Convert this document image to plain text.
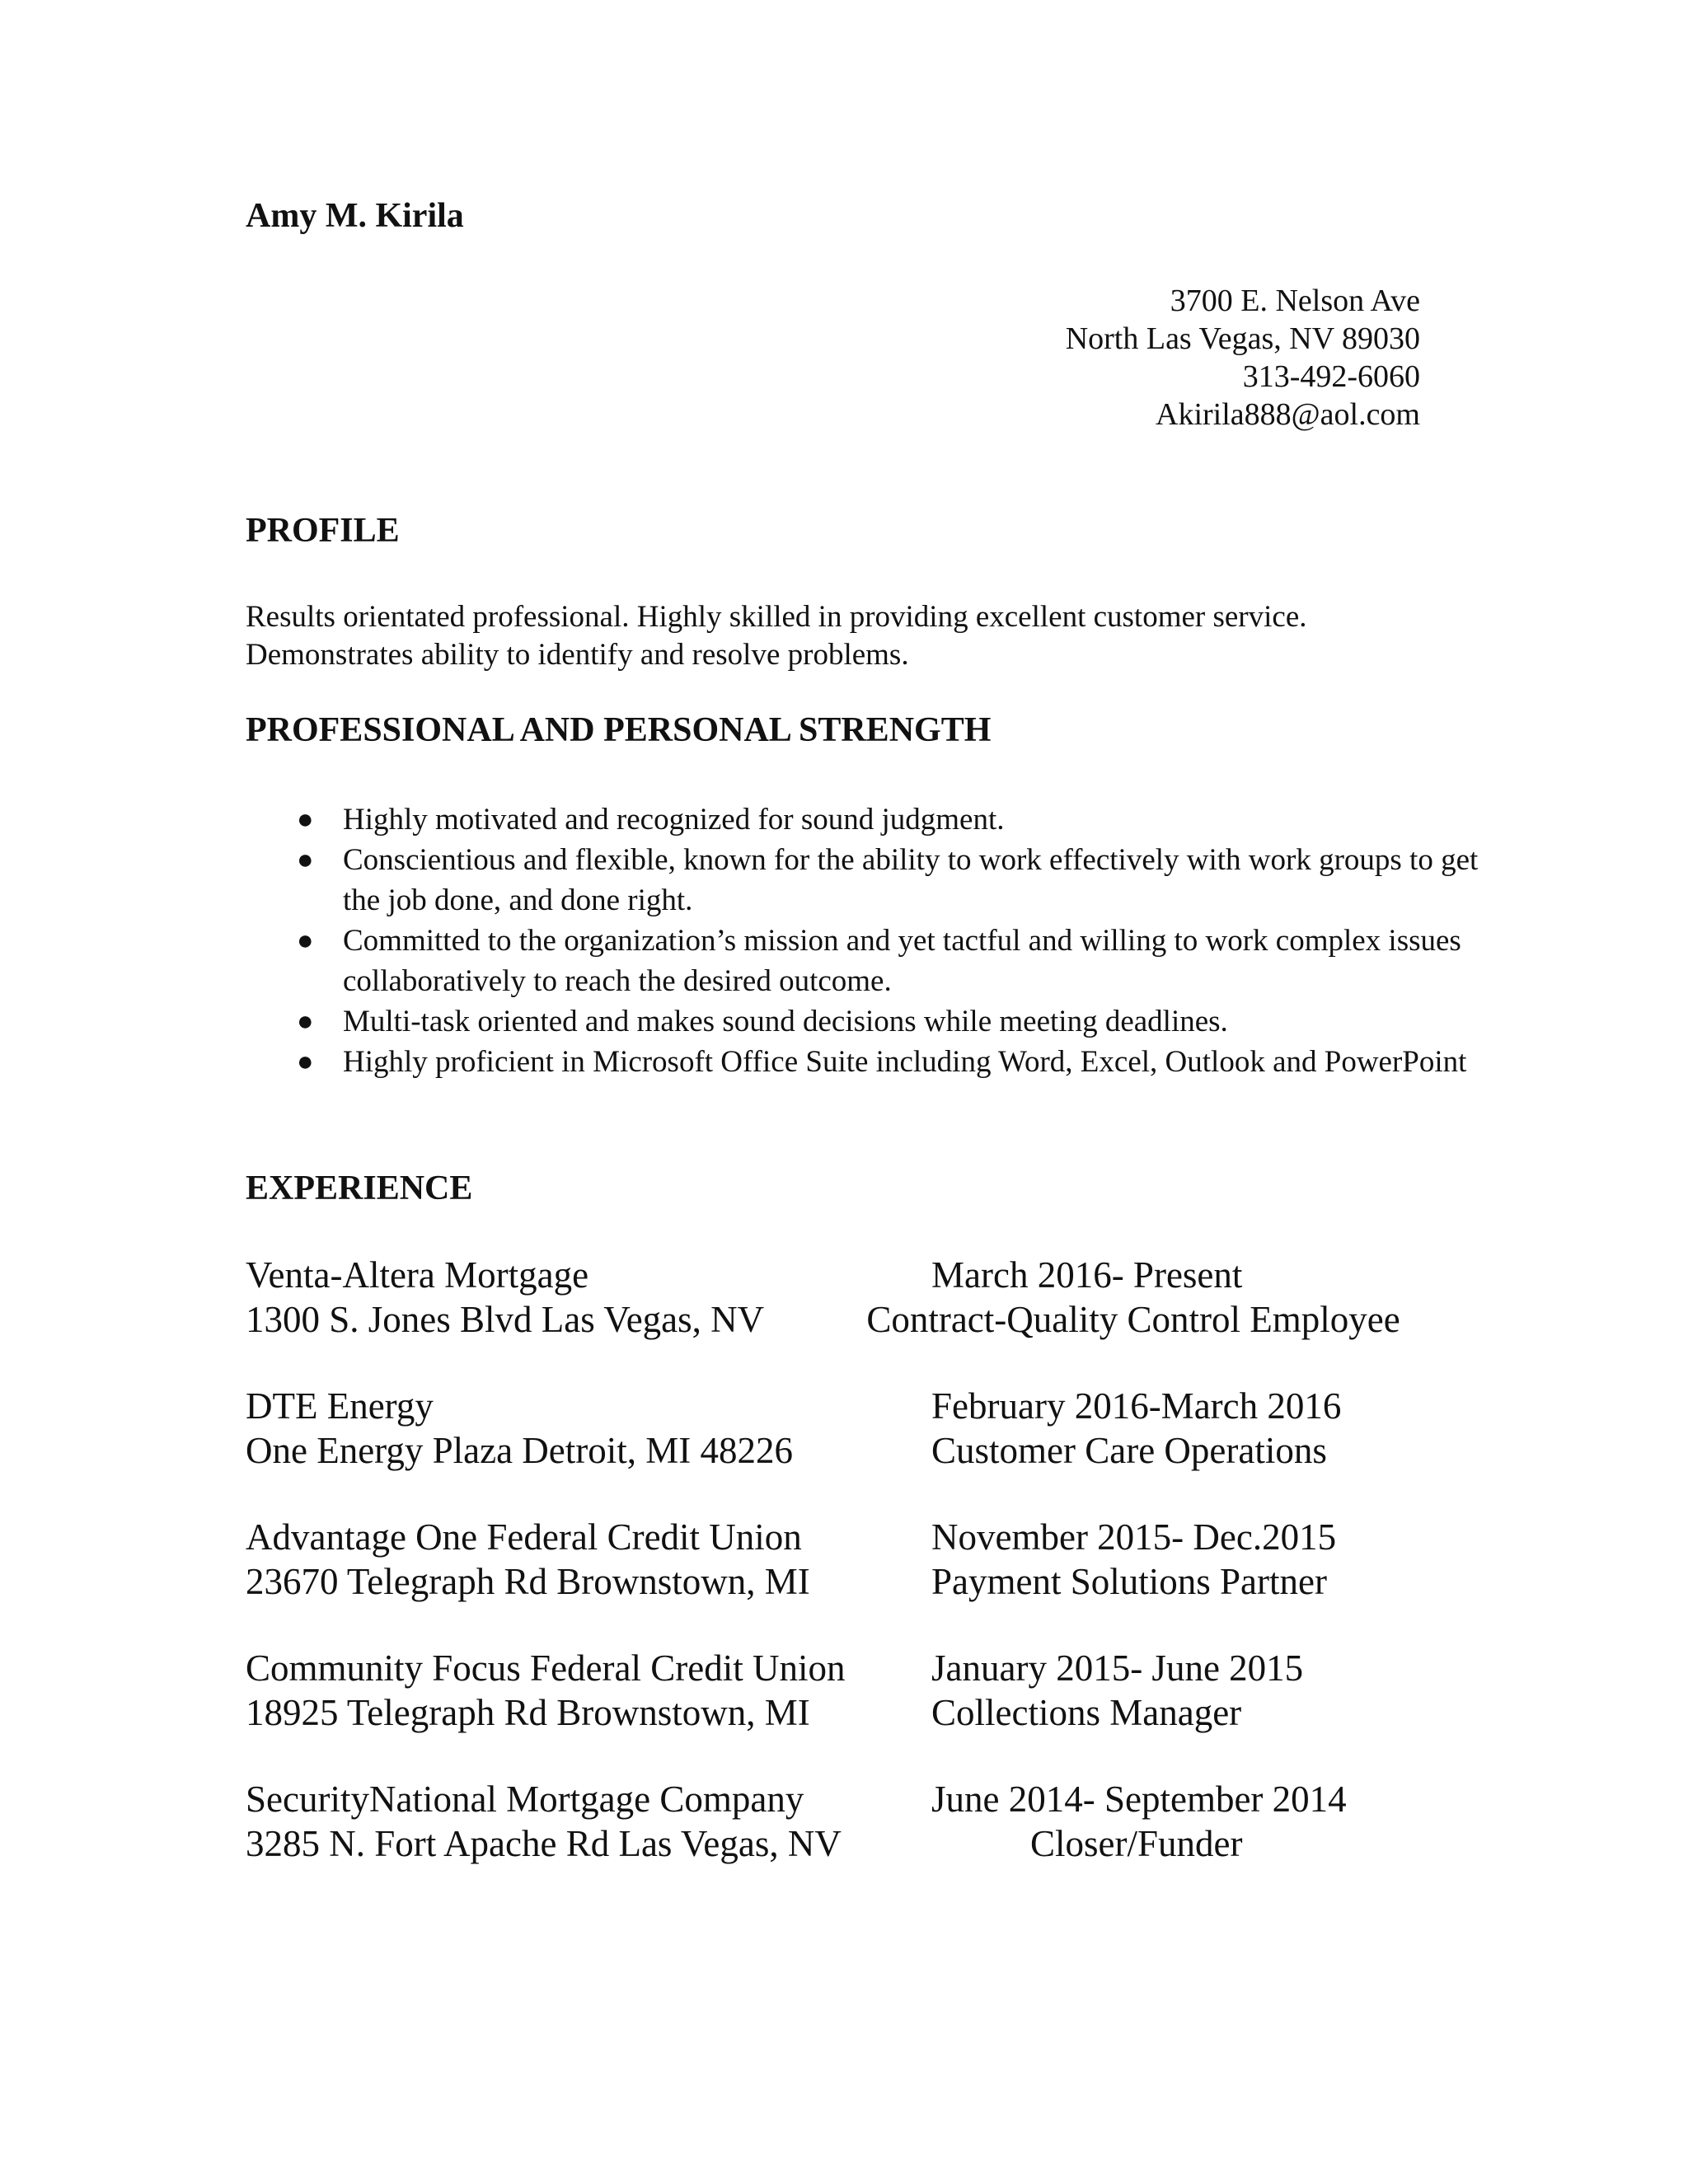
Amy M. Kirila
3700 E. Nelson Ave
North Las Vegas, NV 89030
313-492-6060
Akirila888@aol.com
PROFILE
Results orientated professional. Highly skilled in providing excellent customer service.
Demonstrates ability to identify and resolve problems.
PROFESSIONAL AND PERSONAL STRENGTH
● Highly motivated and recognized for sound judgment.
● Conscientious and flexible, known for the ability to work effectively with work groups to get the job done, and done right.
● Committed to the organization’s mission and yet tactful and willing to work complex issues collaboratively to reach the desired outcome.
● Multi-task oriented and makes sound decisions while meeting deadlines.
● Highly proficient in Microsoft Office Suite including Word, Excel, Outlook and PowerPoint
EXPERIENCE
Venta-Altera Mortgage	March 2016- Present
1300 S. Jones Blvd Las Vegas, NV	Contract-Quality Control Employee
DTE Energy	February 2016-March 2016
One Energy Plaza Detroit, MI 48226	Customer Care Operations
Advantage One Federal Credit Union	November 2015- Dec.2015
23670 Telegraph Rd Brownstown, MI	Payment Solutions Partner
Community Focus Federal Credit Union	January 2015- June 2015
18925 Telegraph Rd Brownstown, MI	Collections Manager
SecurityNational Mortgage Company	June 2014- September 2014
3285 N. Fort Apache Rd Las Vegas, NV	Closer/Funder
